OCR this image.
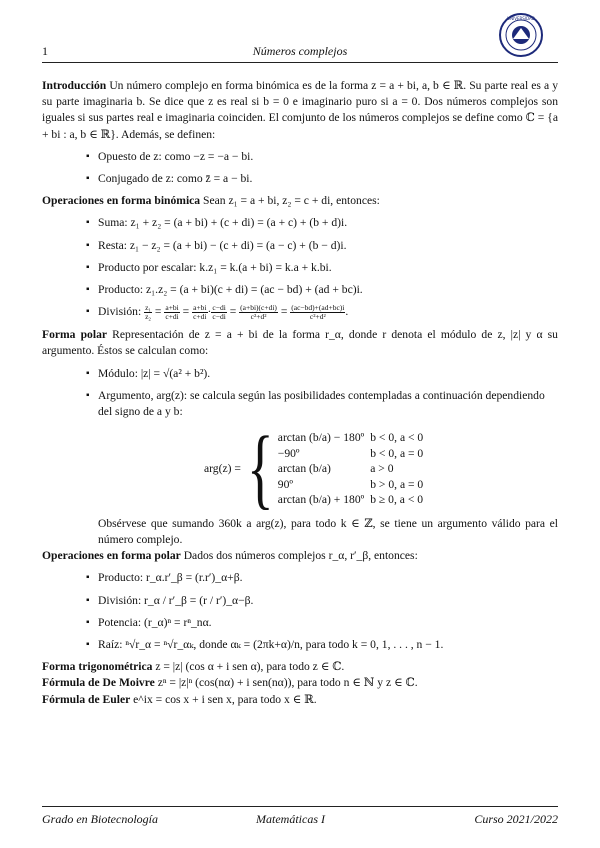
1	Números complejos
UNIVERSIDAD

Introducción Un número complejo en forma binómica es de la forma z = a + bi, a, b ∈ ℝ. Su parte real es a y su parte imaginaria b. Se dice que z es real si b = 0 e imaginario puro si a = 0. Dos números complejos son iguales si sus partes real e imaginaria coinciden. El comjunto de los números complejos se define como ℂ = {a + bi : a, b ∈ ℝ}. Además, se definen:

▪ Opuesto de z: como −z = −a − bi.
▪ Conjugado de z: como z̄ = a − bi.

Operaciones en forma binómica Sean z₁ = a + bi, z₂ = c + di, entonces:

▪ Suma: z₁ + z₂ = (a + bi) + (c + di) = (a + c) + (b + d)i.
▪ Resta: z₁ − z₂ = (a + bi) − (c + di) = (a − c) + (b − d)i.
▪ Producto por escalar: k.z₁ = k.(a + bi) = k.a + k.bi.
▪ Producto: z₁.z₂ = (a + bi)(c + di) = (ac − bd) + (ad + bc)i.
▪ División: $\frac{\text{z₁}}{\text{z₂}} = \frac{a+bi}{c+di} = \frac{a+bi}{c+di} \cdot \frac{c-di}{c-di} = \frac{(a+bi)(c+di)}{\text{c²+d²}} = \frac{(ac-bd)+(ad+bc)i}{\text{c²+d²}}$ .

Forma polar Representación de z = a + bi de la forma r_α, donde r denota el módulo de z, |z| y α su argumento. Éstos se calculan como:

▪ Módulo: |z| = √(a² + b²).
▪ Argumento, arg(z): se calcula según las posibilidades contempladas a continuación dependiendo del signo de a y b:
arg(z) = { arctan (b/a) − 180º	b < 0, a < 0
−90º	b < 0, a = 0
arctan (b/a)	a > 0
90º	b > 0, a = 0
arctan (b/a) + 180º	b ≥ 0, a < 0

Obsérvese que sumando 360k a arg(z), para todo k ∈ ℤ, se tiene un argumento válido para el número complejo.

Operaciones en forma polar Dados dos números complejos r_α, r′_β, entonces:

▪ Producto: r_α.r′_β = (r.r′)_α+β.
▪ División: r_α / r′_β = (r / r′)_α−β.
▪ Potencia: (r_α)ⁿ = rⁿ_nα.
▪ Raíz: ⁿ√r_α = ⁿ√r_αₖ, donde αₖ = (2πk+α)/n, para todo k = 0, 1, . . . , n − 1.

Forma trigonométrica z = |z| (cos α + i sen α), para todo z ∈ ℂ.

Fórmula de De Moivre zⁿ = |z|ⁿ (cos(nα) + i sen(nα)), para todo n ∈ ℕ y z ∈ ℂ.

Fórmula de Euler e^ix = cos x + i sen x, para todo x ∈ ℝ.

Grado en Biotecnología	Matemáticas I	Curso 2021/2022
